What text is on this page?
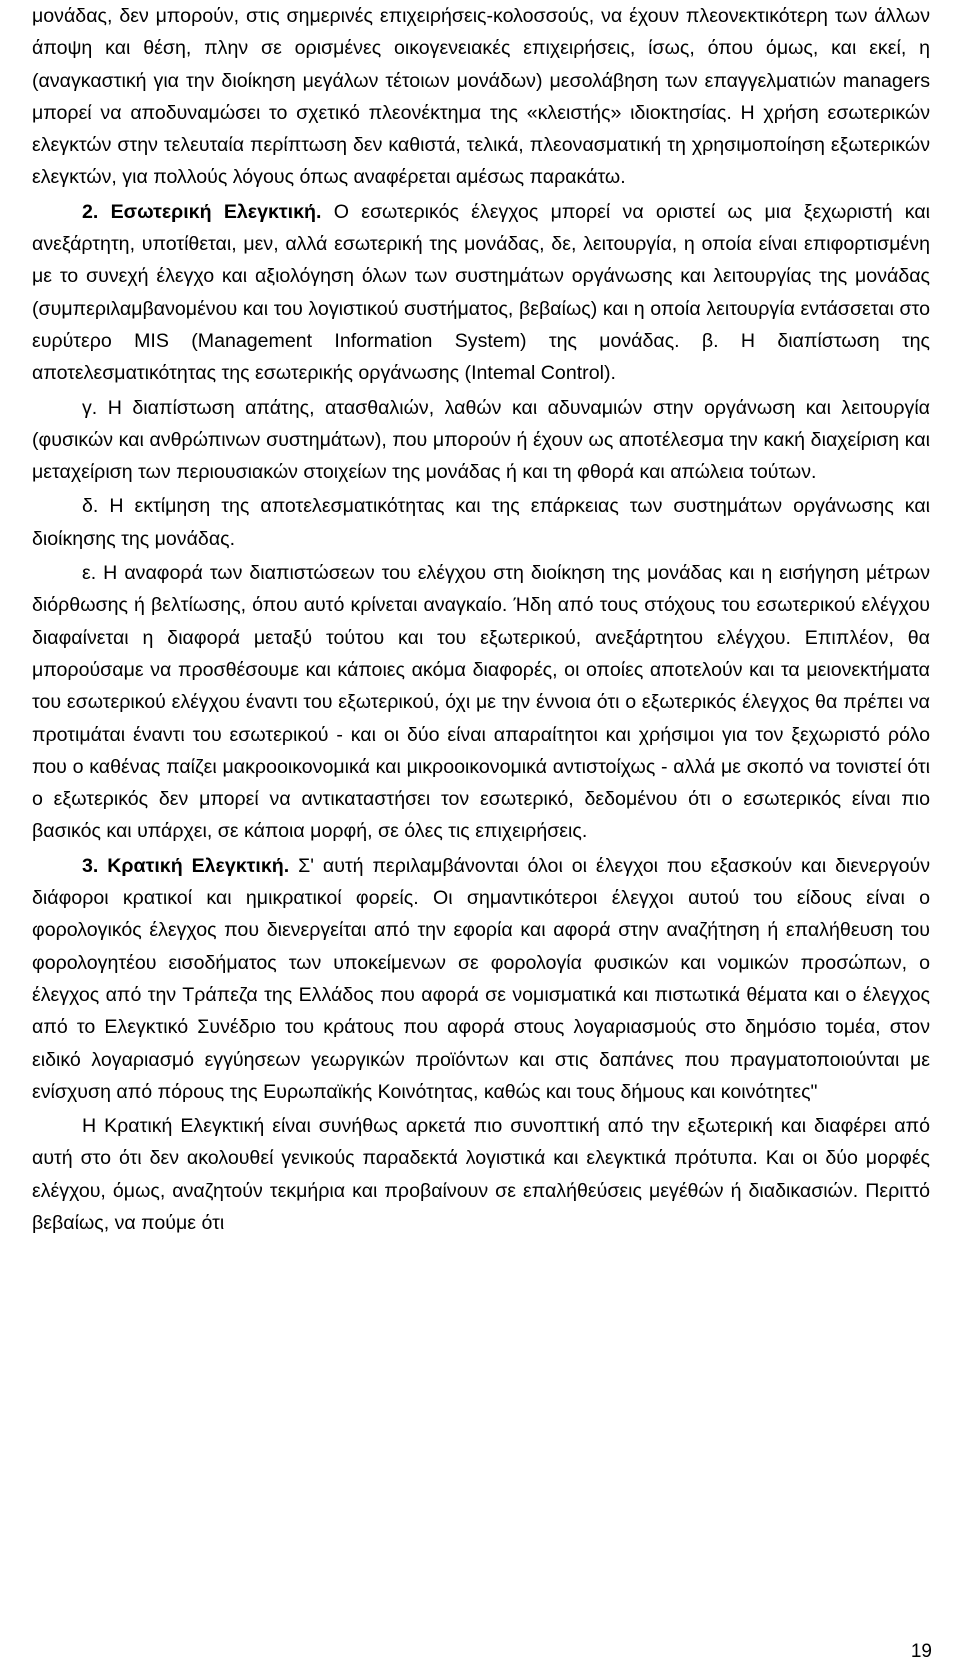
μονάδας, δεν μπορούν, στις σημερινές επιχειρήσεις-κολοσσούς, να έχουν πλεονεκτικότερη των άλλων άποψη και θέση, πλην σε ορισμένες οικογενειακές επιχειρήσεις, ίσως, όπου όμως, και εκεί, η (αναγκαστική για την διοίκηση μεγάλων τέτοιων μονάδων) μεσολάβηση των επαγγελματιών managers μπορεί να αποδυναμώσει το σχετικό πλεονέκτημα της «κλειστής» ιδιοκτησίας. Η χρήση εσωτερικών ελεγκτών στην τελευταία περίπτωση δεν καθιστά, τελικά, πλεονασματική τη χρησιμοποίηση εξωτερικών ελεγκτών, για πολλούς λόγους όπως αναφέρεται αμέσως παρακάτω.

2. Εσωτερική Ελεγκτική. Ο εσωτερικός έλεγχος μπορεί να οριστεί ως μια ξεχωριστή και ανεξάρτητη, υποτίθεται, μεν, αλλά εσωτερική της μονάδας, δε, λειτουργία, η οποία είναι επιφορτισμένη με το συνεχή έλεγχο και αξιολόγηση όλων των συστημάτων οργάνωσης και λειτουργίας της μονάδας (συμπεριλαμβανομένου και του λογιστικού συστήματος, βεβαίως) και η οποία λειτουργία εντάσσεται στο ευρύτερο MIS (Management Information System) της μονάδας. β. Η διαπίστωση της αποτελεσματικότητας της εσωτερικής οργάνωσης (Intemal Control).

γ. Η διαπίστωση απάτης, ατασθαλιών, λαθών και αδυναμιών στην οργάνωση και λειτουργία (φυσικών και ανθρώπινων συστημάτων), που μπορούν ή έχουν ως αποτέλεσμα την κακή διαχείριση και μεταχείριση των περιουσιακών στοιχείων της μονάδας ή και τη φθορά και απώλεια τούτων.

δ. Η εκτίμηση της αποτελεσματικότητας και της επάρκειας των συστημάτων οργάνωσης και διοίκησης της μονάδας.

ε. Η αναφορά των διαπιστώσεων του ελέγχου στη διοίκηση της μονάδας και η εισήγηση μέτρων διόρθωσης ή βελτίωσης, όπου αυτό κρίνεται αναγκαίο. Ήδη από τους στόχους του εσωτερικού ελέγχου διαφαίνεται η διαφορά μεταξύ τούτου και του εξωτερικού, ανεξάρτητου ελέγχου. Επιπλέον, θα μπορούσαμε να προσθέσουμε και κάποιες ακόμα διαφορές, οι οποίες αποτελούν και τα μειονεκτήματα του εσωτερικού ελέγχου έναντι του εξωτερικού, όχι με την έννοια ότι ο εξωτερικός έλεγχος θα πρέπει να προτιμάται έναντι του εσωτερικού - και οι δύο είναι απαραίτητοι και χρήσιμοι για τον ξεχωριστό ρόλο που ο καθένας παίζει μακροοικονομικά και μικροοικονομικά αντιστοίχως - αλλά με σκοπό να τονιστεί ότι ο εξωτερικός δεν μπορεί να αντικαταστήσει τον εσωτερικό, δεδομένου ότι ο εσωτερικός είναι πιο βασικός και υπάρχει, σε κάποια μορφή, σε όλες τις επιχειρήσεις.

3. Κρατική Ελεγκτική. Σ' αυτή περιλαμβάνονται όλοι οι έλεγχοι που εξασκούν και διενεργούν διάφοροι κρατικοί και ημικρατικοί φορείς. Οι σημαντικότεροι έλεγχοι αυτού του είδους είναι ο φορολογικός έλεγχος που διενεργείται από την εφορία και αφορά στην αναζήτηση ή επαλήθευση του φορολογητέου εισοδήματος των υποκείμενων σε φορολογία φυσικών και νομικών προσώπων, ο έλεγχος από την Τράπεζα της Ελλάδος που αφορά σε νομισματικά και πιστωτικά θέματα και ο έλεγχος από το Ελεγκτικό Συνέδριο του κράτους που αφορά στους λογαριασμούς στο δημόσιο τομέα, στον ειδικό λογαριασμό εγγύησεων γεωργικών προϊόντων και στις δαπάνες που πραγματοποιούνται με ενίσχυση από πόρους της Ευρωπαϊκής Κοινότητας, καθώς και τους δήμους και κοινότητες"

Η Κρατική Ελεγκτική είναι συνήθως αρκετά πιο συνοπτική από την εξωτερική και διαφέρει από αυτή στο ότι δεν ακολουθεί γενικούς παραδεκτά λογιστικά και ελεγκτικά πρότυπα. Και οι δύο μορφές ελέγχου, όμως, αναζητούν τεκμήρια και προβαίνουν σε επαλήθεύσεις μεγέθών ή διαδικασιών. Περιττό βεβαίως, να πούμε ότι

19
